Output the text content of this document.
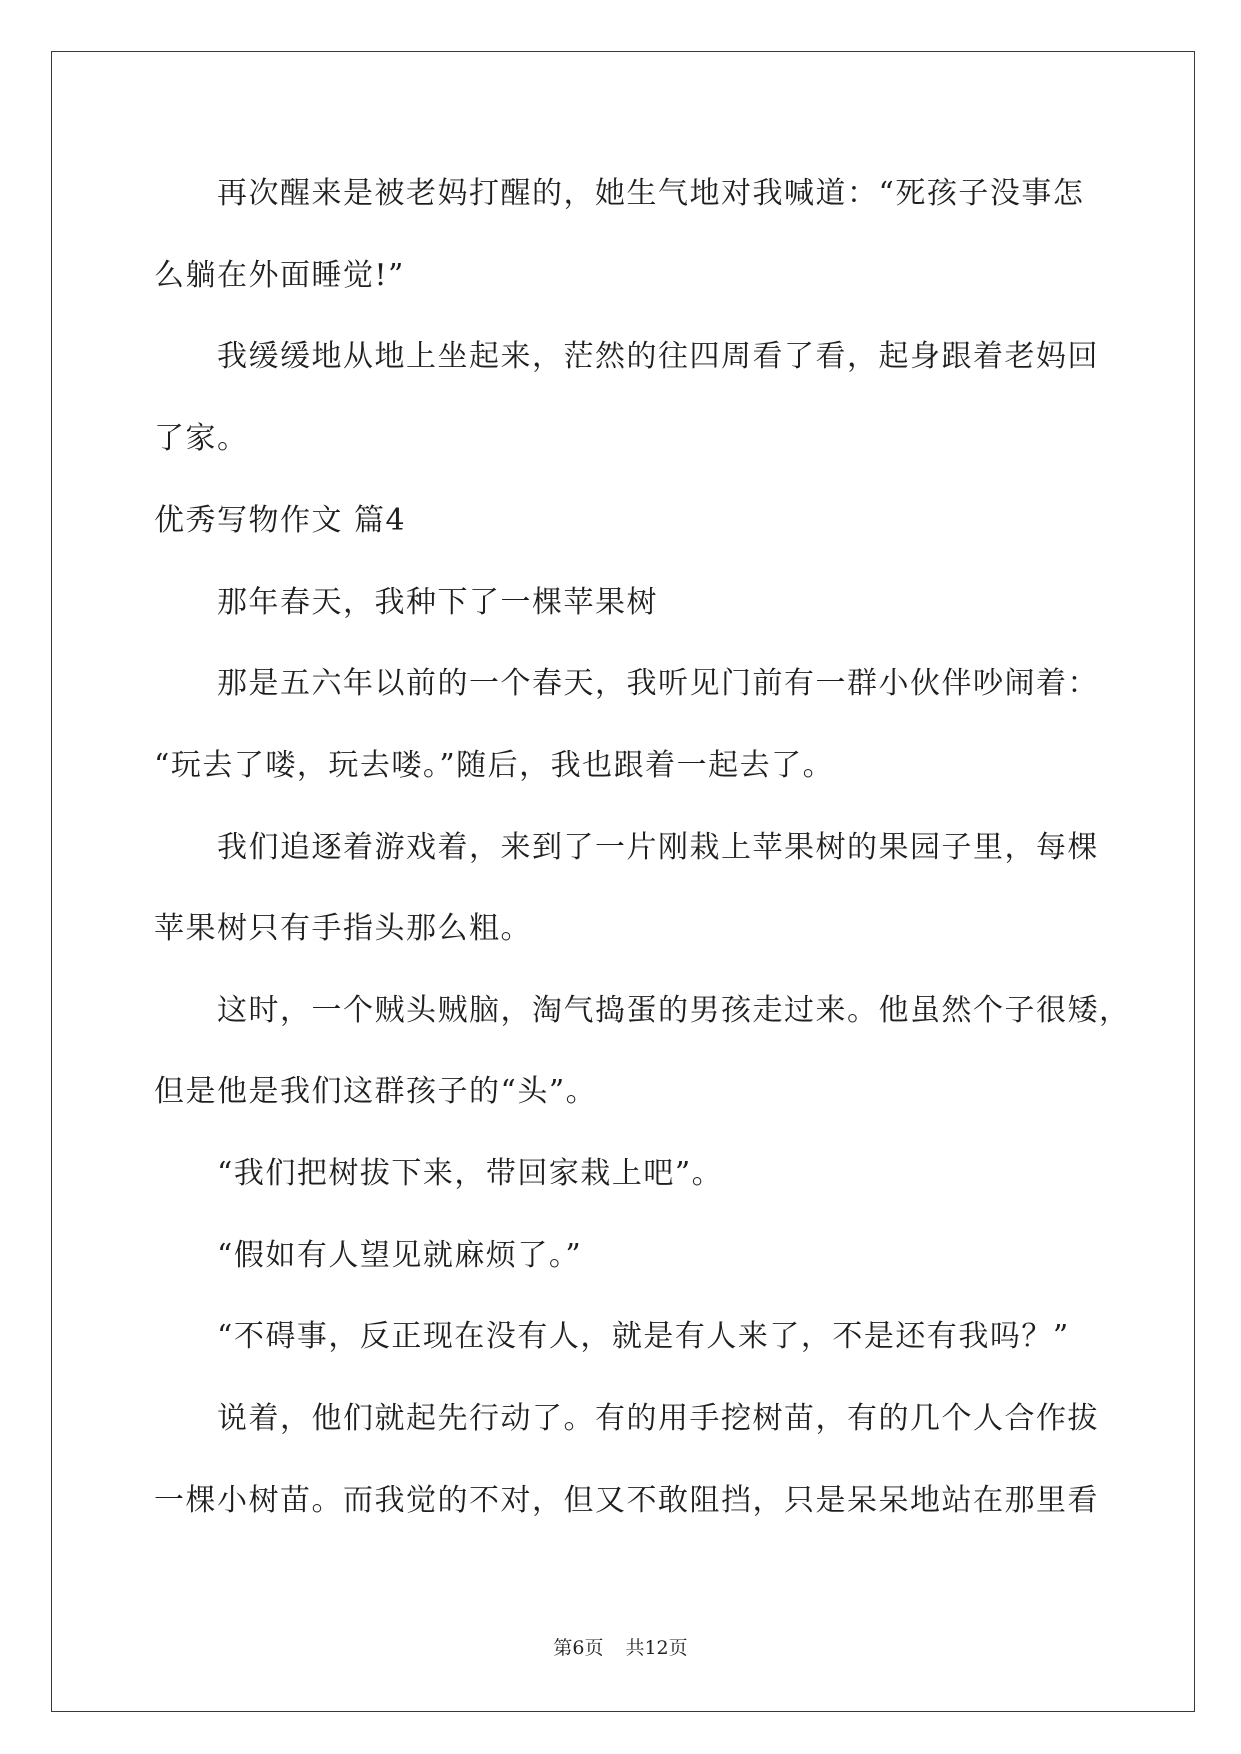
再次醒来是被老妈打醒的，她生气地对我喊道：“死孩子没事怎
么躺在外面睡觉!”
我缓缓地从地上坐起来，茫然的往四周看了看，起身跟着老妈回
了家。
优秀写物作文 篇4
那年春天，我种下了一棵苹果树
那是五六年以前的一个春天，我听见门前有一群小伙伴吵闹着：
“玩去了喽，玩去喽。”随后，我也跟着一起去了。
我们追逐着游戏着，来到了一片刚栽上苹果树的果园子里，每棵
苹果树只有手指头那么粗。
这时，一个贼头贼脑，淘气捣蛋的男孩走过来。他虽然个子很矮，
但是他是我们这群孩子的“头”。
“我们把树拔下来，带回家栽上吧”。
“假如有人望见就麻烦了。”
“不碍事，反正现在没有人，就是有人来了，不是还有我吗？”
说着，他们就起先行动了。有的用手挖树苗，有的几个人合作拔
一棵小树苗。而我觉的不对，但又不敢阻挡，只是呆呆地站在那里看
第6页 共12页
